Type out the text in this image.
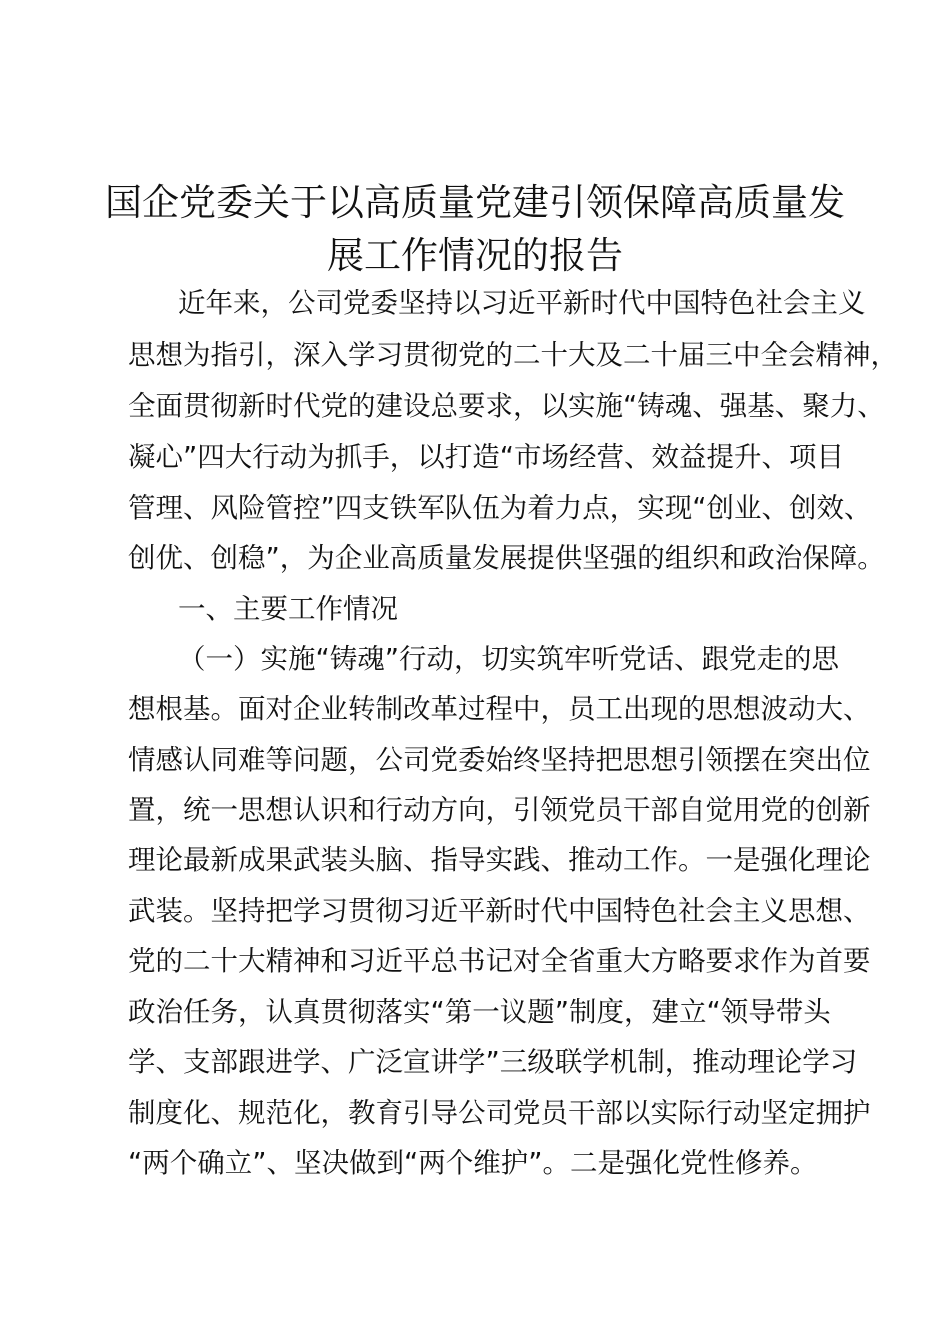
国企党委关于以高质量党建引领保障高质量发
展工作情况的报告

近年来，公司党委坚持以习近平新时代中国特色社会主义

思想为指引，深入学习贯彻党的二十大及二十届三中全会精神，

全面贯彻新时代党的建设总要求，以实施“铸魂、强基、聚力、

凝心”四大行动为抓手，以打造“市场经营、效益提升、项目

管理、风险管控”四支铁军队伍为着力点，实现“创业、创效、

创优、创稳”，为企业高质量发展提供坚强的组织和政治保障。

一、主要工作情况

（一）实施“铸魂”行动，切实筑牢听党话、跟党走的思

想根基。面对企业转制改革过程中，员工出现的思想波动大、

情感认同难等问题，公司党委始终坚持把思想引领摆在突出位

置，统一思想认识和行动方向，引领党员干部自觉用党的创新

理论最新成果武装头脑、指导实践、推动工作。一是强化理论

武装。坚持把学习贯彻习近平新时代中国特色社会主义思想、

党的二十大精神和习近平总书记对全省重大方略要求作为首要

政治任务，认真贯彻落实“第一议题”制度，建立“领导带头

学、支部跟进学、广泛宣讲学”三级联学机制，推动理论学习

制度化、规范化，教育引导公司党员干部以实际行动坚定拥护

“两个确立”、坚决做到“两个维护”。二是强化党性修养。
